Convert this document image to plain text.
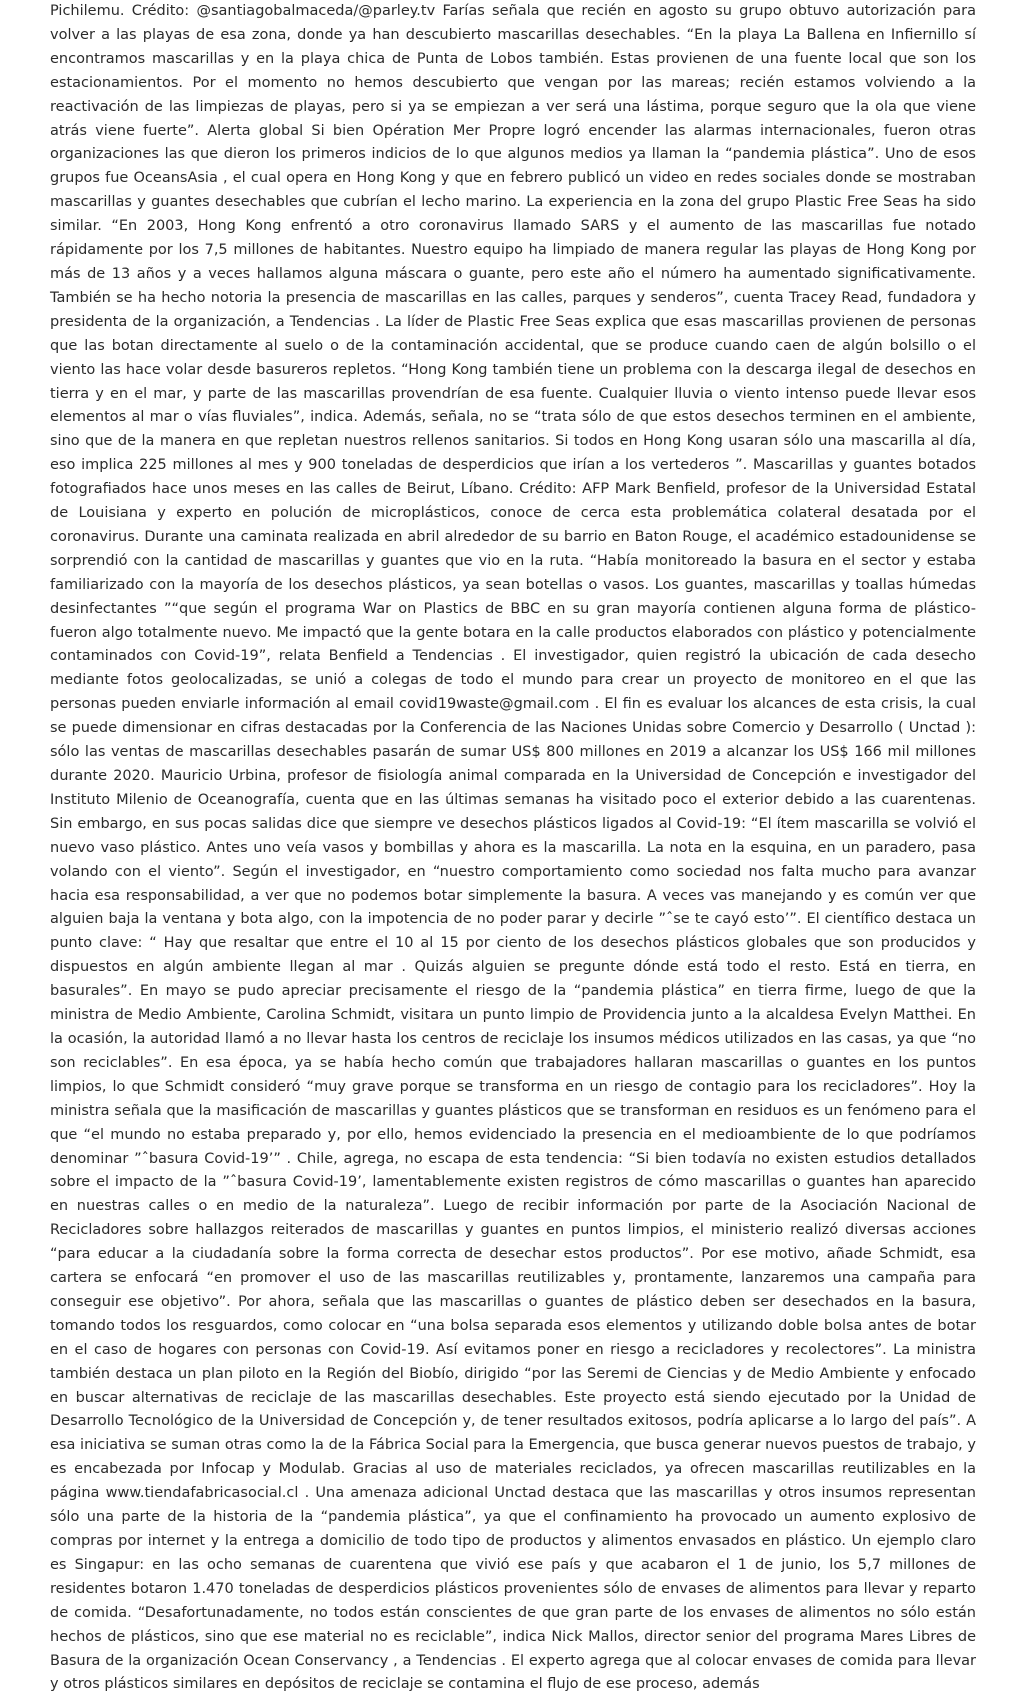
Pichilemu. Crédito: @santiagobalmaceda/@parley.tv Farías señala que recién en agosto su grupo obtuvo autorización para volver a las playas de esa zona, donde ya han descubierto mascarillas desechables. “En la playa La Ballena en Infiernillo sí encontramos mascarillas y en la playa chica de Punta de Lobos también. Estas provienen de una fuente local que son los estacionamientos. Por el momento no hemos descubierto que vengan por las mareas; recién estamos volviendo a la reactivación de las limpiezas de playas, pero si ya se empiezan a ver será una lástima, porque seguro que la ola que viene atrás viene fuerte”. Alerta global Si bien Opération Mer Propre logró encender las alarmas internacionales, fueron otras organizaciones las que dieron los primeros indicios de lo que algunos medios ya llaman la “pandemia plástica”. Uno de esos grupos fue OceansAsia , el cual opera en Hong Kong y que en febrero publicó un video en redes sociales donde se mostraban mascarillas y guantes desechables que cubrían el lecho marino. La experiencia en la zona del grupo Plastic Free Seas ha sido similar. “En 2003, Hong Kong enfrentó a otro coronavirus llamado SARS y el aumento de las mascarillas fue notado rápidamente por los 7,5 millones de habitantes. Nuestro equipo ha limpiado de manera regular las playas de Hong Kong por más de 13 años y a veces hallamos alguna máscara o guante, pero este año el número ha aumentado significativamente. También se ha hecho notoria la presencia de mascarillas en las calles, parques y senderos”, cuenta Tracey Read, fundadora y presidenta de la organización, a Tendencias . La líder de Plastic Free Seas explica que esas mascarillas provienen de personas que las botan directamente al suelo o de la contaminación accidental, que se produce cuando caen de algún bolsillo o el viento las hace volar desde basureros repletos. “Hong Kong también tiene un problema con la descarga ilegal de desechos en tierra y en el mar, y parte de las mascarillas provendrían de esa fuente. Cualquier lluvia o viento intenso puede llevar esos elementos al mar o vías fluviales”, indica. Además, señala, no se “trata sólo de que estos desechos terminen en el ambiente, sino que de la manera en que repletan nuestros rellenos sanitarios. Si todos en Hong Kong usaran sólo una mascarilla al día, eso implica 225 millones al mes y 900 toneladas de desperdicios que irían a los vertederos ”. Mascarillas y guantes botados fotografiados hace unos meses en las calles de Beirut, Líbano. Crédito: AFP Mark Benfield, profesor de la Universidad Estatal de Louisiana y experto en polución de microplásticos, conoce de cerca esta problemática colateral desatada por el coronavirus. Durante una caminata realizada en abril alrededor de su barrio en Baton Rouge, el académico estadounidense se sorprendió con la cantidad de mascarillas y guantes que vio en la ruta. “Había monitoreado la basura en el sector y estaba familiarizado con la mayoría de los desechos plásticos, ya sean botellas o vasos. Los guantes, mascarillas y toallas húmedas desinfectantes ”“que según el programa War on Plastics de BBC en su gran mayoría contienen alguna forma de plástico- fueron algo totalmente nuevo. Me impactó que la gente botara en la calle productos elaborados con plástico y potencialmente contaminados con Covid-19”, relata Benfield a Tendencias . El investigador, quien registró la ubicación de cada desecho mediante fotos geolocalizadas, se unió a colegas de todo el mundo para crear un proyecto de monitoreo en el que las personas pueden enviarle información al email covid19waste@gmail.com . El fin es evaluar los alcances de esta crisis, la cual se puede dimensionar en cifras destacadas por la Conferencia de las Naciones Unidas sobre Comercio y Desarrollo ( Unctad ): sólo las ventas de mascarillas desechables pasarán de sumar US$ 800 millones en 2019 a alcanzar los US$ 166 mil millones durante 2020. Mauricio Urbina, profesor de fisiología animal comparada en la Universidad de Concepción e investigador del Instituto Milenio de Oceanografía, cuenta que en las últimas semanas ha visitado poco el exterior debido a las cuarentenas. Sin embargo, en sus pocas salidas dice que siempre ve desechos plásticos ligados al Covid-19: “El ítem mascarilla se volvió el nuevo vaso plástico. Antes uno veía vasos y bombillas y ahora es la mascarilla. La nota en la esquina, en un paradero, pasa volando con el viento”. Según el investigador, en “nuestro comportamiento como sociedad nos falta mucho para avanzar hacia esa responsabilidad, a ver que no podemos botar simplemente la basura. A veces vas manejando y es común ver que alguien baja la ventana y bota algo, con la impotencia de no poder parar y decirle ”ˆse te cayó esto’”. El científico destaca un punto clave: “ Hay que resaltar que entre el 10 al 15 por ciento de los desechos plásticos globales que son producidos y dispuestos en algún ambiente llegan al mar . Quizás alguien se pregunte dónde está todo el resto. Está en tierra, en basurales”. En mayo se pudo apreciar precisamente el riesgo de la “pandemia plástica” en tierra firme, luego de que la ministra de Medio Ambiente, Carolina Schmidt, visitara un punto limpio de Providencia junto a la alcaldesa Evelyn Matthei. En la ocasión, la autoridad llamó a no llevar hasta los centros de reciclaje los insumos médicos utilizados en las casas, ya que “no son reciclables”. En esa época, ya se había hecho común que trabajadores hallaran mascarillas o guantes en los puntos limpios, lo que Schmidt consideró “muy grave porque se transforma en un riesgo de contagio para los recicladores”. Hoy la ministra señala que la masificación de mascarillas y guantes plásticos que se transforman en residuos es un fenómeno para el que “el mundo no estaba preparado y, por ello, hemos evidenciado la presencia en el medioambiente de lo que podríamos denominar ”ˆbasura Covid-19’” . Chile, agrega, no escapa de esta tendencia: “Si bien todavía no existen estudios detallados sobre el impacto de la ”ˆbasura Covid-19’, lamentablemente existen registros de cómo mascarillas o guantes han aparecido en nuestras calles o en medio de la naturaleza”. Luego de recibir información por parte de la Asociación Nacional de Recicladores sobre hallazgos reiterados de mascarillas y guantes en puntos limpios, el ministerio realizó diversas acciones “para educar a la ciudadanía sobre la forma correcta de desechar estos productos”. Por ese motivo, añade Schmidt, esa cartera se enfocará “en promover el uso de las mascarillas reutilizables y, prontamente, lanzaremos una campaña para conseguir ese objetivo”. Por ahora, señala que las mascarillas o guantes de plástico deben ser desechados en la basura, tomando todos los resguardos, como colocar en “una bolsa separada esos elementos y utilizando doble bolsa antes de botar en el caso de hogares con personas con Covid-19. Así evitamos poner en riesgo a recicladores y recolectores”. La ministra también destaca un plan piloto en la Región del Biobío, dirigido “por las Seremi de Ciencias y de Medio Ambiente y enfocado en buscar alternativas de reciclaje de las mascarillas desechables. Este proyecto está siendo ejecutado por la Unidad de Desarrollo Tecnológico de la Universidad de Concepción y, de tener resultados exitosos, podría aplicarse a lo largo del país”. A esa iniciativa se suman otras como la de la Fábrica Social para la Emergencia, que busca generar nuevos puestos de trabajo, y es encabezada por Infocap y Modulab. Gracias al uso de materiales reciclados, ya ofrecen mascarillas reutilizables en la página www.tiendafabricasocial.cl . Una amenaza adicional Unctad destaca que las mascarillas y otros insumos representan sólo una parte de la historia de la “pandemia plástica”, ya que el confinamiento ha provocado un aumento explosivo de compras por internet y la entrega a domicilio de todo tipo de productos y alimentos envasados en plástico. Un ejemplo claro es Singapur: en las ocho semanas de cuarentena que vivió ese país y que acabaron el 1 de junio, los 5,7 millones de residentes botaron 1.470 toneladas de desperdicios plásticos provenientes sólo de envases de alimentos para llevar y reparto de comida. “Desafortunadamente, no todos están conscientes de que gran parte de los envases de alimentos no sólo están hechos de plásticos, sino que ese material no es reciclable”, indica Nick Mallos, director senior del programa Mares Libres de Basura de la organización Ocean Conservancy , a Tendencias . El experto agrega que al colocar envases de comida para llevar y otros plásticos similares en depósitos de reciclaje se contamina el flujo de ese proceso, además
